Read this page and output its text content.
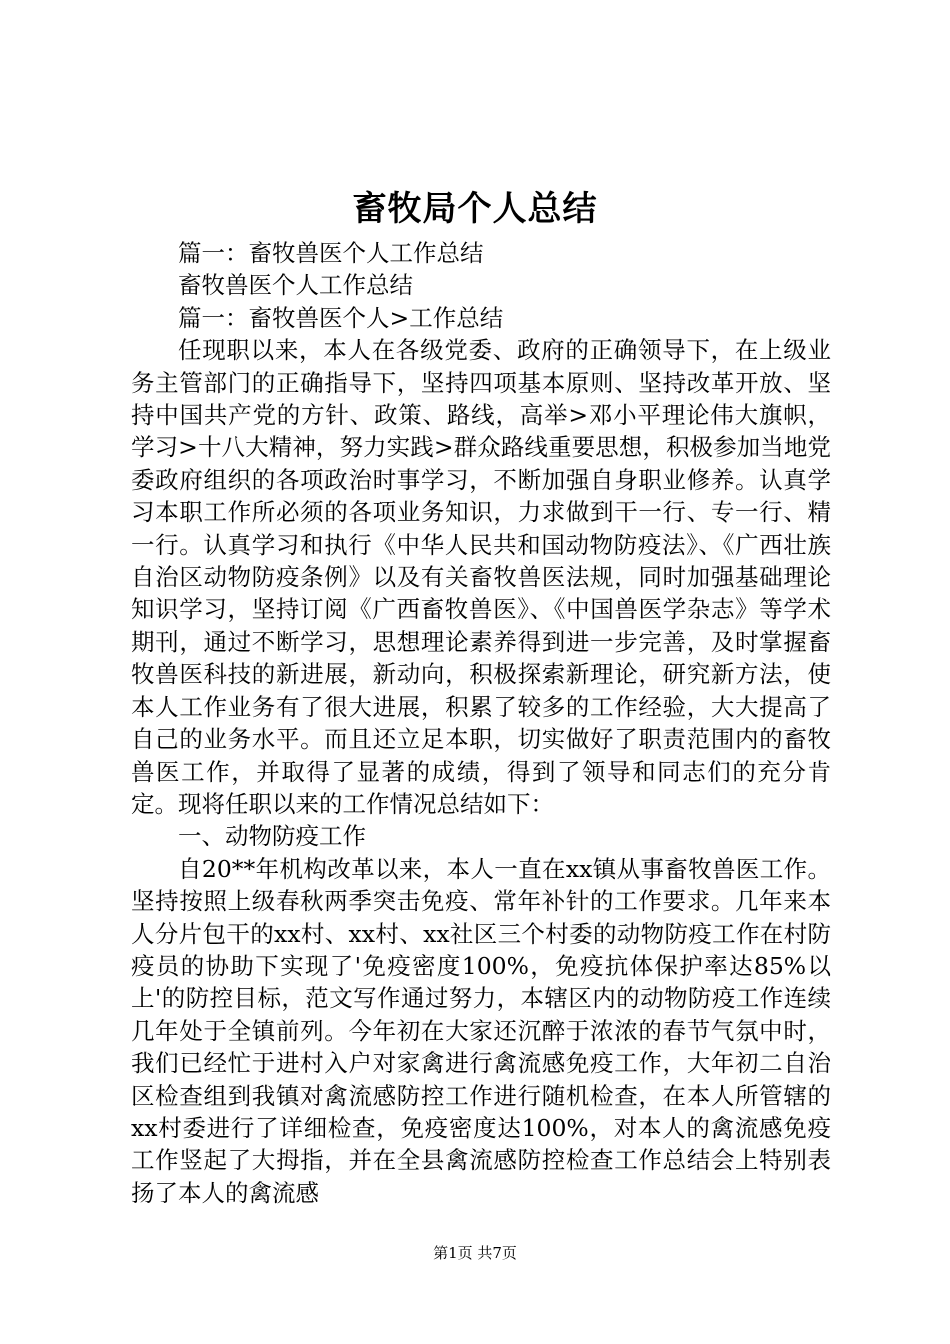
畜牧局个人总结

篇一：畜牧兽医个人工作总结

畜牧兽医个人工作总结

篇一：畜牧兽医个人>工作总结

任现职以来，本人在各级党委、政府的正确领导下，在上级业务主管部门的正确指导下，坚持四项基本原则、坚持改革开放、坚持中国共产党的方针、政策、路线，高举>邓小平理论伟大旗帜，学习>十八大精神，努力实践>群众路线重要思想，积极参加当地党委政府组织的各项政治时事学习，不断加强自身职业修养。认真学习本职工作所必须的各项业务知识，力求做到干一行、专一行、精一行。认真学习和执行《中华人民共和国动物防疫法》、《广西壮族自治区动物防疫条例》以及有关畜牧兽医法规，同时加强基础理论知识学习，坚持订阅《广西畜牧兽医》、《中国兽医学杂志》等学术期刊，通过不断学习，思想理论素养得到进一步完善，及时掌握畜牧兽医科技的新进展，新动向，积极探索新理论，研究新方法，使本人工作业务有了很大进展，积累了较多的工作经验，大大提高了自己的业务水平。而且还立足本职，切实做好了职责范围内的畜牧兽医工作，并取得了显著的成绩，得到了领导和同志们的充分肯定。现将任职以来的工作情况总结如下：

一、动物防疫工作

自20**年机构改革以来，本人一直在xx镇从事畜牧兽医工作。坚持按照上级春秋两季突击免疫、常年补针的工作要求。几年来本人分片包干的xx村、xx村、xx社区三个村委的动物防疫工作在村防疫员的协助下实现了'免疫密度100%，免疫抗体保护率达85%以上'的防控目标，范文写作通过努力，本辖区内的动物防疫工作连续几年处于全镇前列。今年初在大家还沉醉于浓浓的春节气氛中时，我们已经忙于进村入户对家禽进行禽流感免疫工作，大年初二自治区检查组到我镇对禽流感防控工作进行随机检查，在本人所管辖的xx村委进行了详细检查，免疫密度达100%，对本人的禽流感免疫工作竖起了大拇指，并在全县禽流感防控检查工作总结会上特别表扬了本人的禽流感

第1页 共7页
